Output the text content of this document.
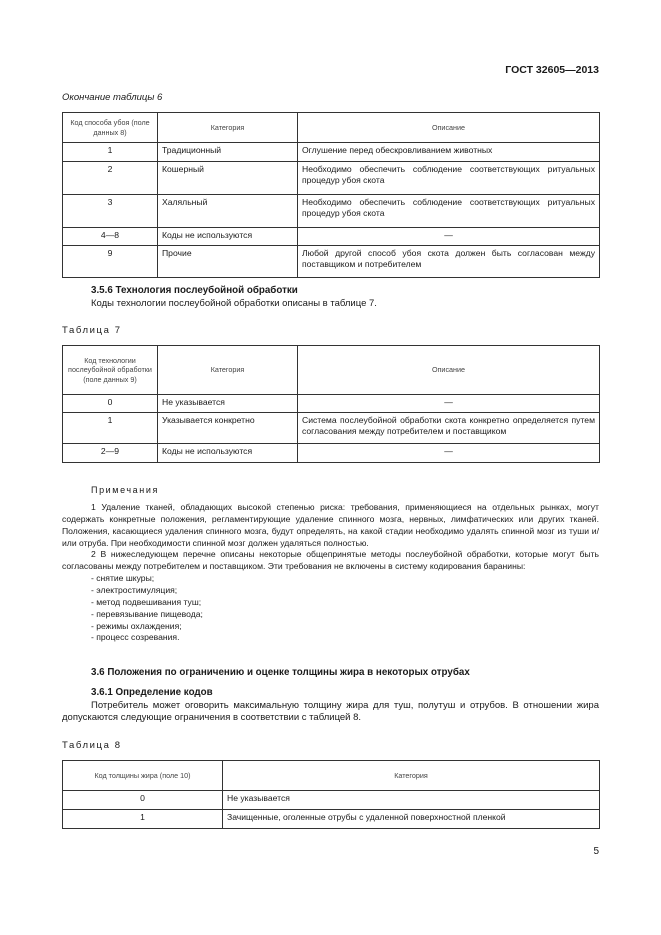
ГОСТ 32605—2013
Окончание таблицы 6
Код способа убоя (поле данных 8)	Категория	Описание
1	Традиционный	Оглушение перед обескровливанием животных
2	Кошерный	Необходимо обеспечить соблюдение соответствующих ритуальных процедур убоя скота
3	Халяльный	Необходимо обеспечить соблюдение соответствующих ритуальных процедур убоя скота
4—8	Коды не используются	—
9	Прочие	Любой другой способ убоя скота должен быть согласован между поставщиком и потребителем
3.5.6 Технология послеубойной обработки
Коды технологии послеубойной обработки описаны в таблице 7.
Таблица 7
Код технологии послеубойной обработки (поле данных 9)	Категория	Описание
0	Не указывается	—
1	Указывается конкретно	Система послеубойной обработки скота конкретно определяется путем согласования между потребителем и поставщиком
2—9	Коды не используются	—
Примечания

1 Удаление тканей, обладающих высокой степенью риска: требования, применяющиеся на отдельных рынках, могут содержать конкретные положения, регламентирующие удаление спинного мозга, нервных, лимфатических или других тканей. Положения, касающиеся удаления спинного мозга, будут определять, на какой стадии необходимо удалять спинной мозг из туши и/или отруба. При необходимости спинной мозг должен удаляться полностью.

2 В нижеследующем перечне описаны некоторые общепринятые методы послеубойной обработки, которые могут быть согласованы между потребителем и поставщиком. Эти требования не включены в систему кодирования баранины:

- снятие шкуры;

- электростимуляция;

- метод подвешивания туш;

- перевязывание пищевода;

- режимы охлаждения;

- процесс созревания.

3.6 Положения по ограничению и оценке толщины жира в некоторых отрубах
3.6.1 Определение кодов
Потребитель может оговорить максимальную толщину жира для туш, полутуш и отрубов. В отношении жира допускаются следующие ограничения в соответствии с таблицей 8.
Таблица 8
Код толщины жира (поле 10)	Категория
0	Не указывается
1	Зачищенные, оголенные отрубы с удаленной поверхностной пленкой
5
